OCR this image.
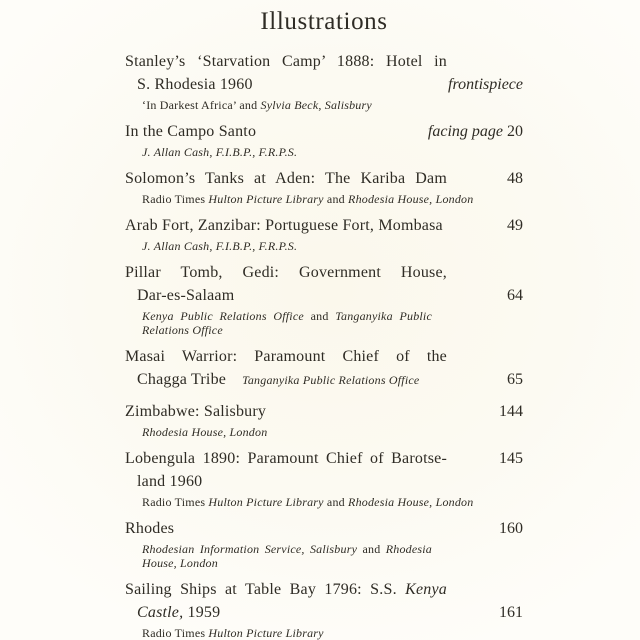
Illustrations
Stanley’s ‘Starvation Camp’ 1888: Hotel in
S. Rhodesia 1960	frontispiece
‘In Darkest Africa’ and Sylvia Beck, Salisbury
In the Campo Santo	facing page 20
J. Allan Cash, F.I.B.P., F.R.P.S.
Solomon’s Tanks at Aden: The Kariba Dam	48
Radio Times Hulton Picture Library and Rhodesia House, London
Arab Fort, Zanzibar: Portuguese Fort, Mombasa	49
J. Allan Cash, F.I.B.P., F.R.P.S.
Pillar Tomb, Gedi: Government House,
Dar-es-Salaam	64
Kenya Public Relations Office and Tanganyika Public
Relations Office
Masai Warrior: Paramount Chief of the
Chagga Tribe Tanganyika Public Relations Office	65
Zimbabwe: Salisbury	144
Rhodesia House, London
Lobengula 1890: Paramount Chief of Barotse-	145
land 1960
Radio Times Hulton Picture Library and Rhodesia House, London
Rhodes	160
Rhodesian Information Service, Salisbury and Rhodesia
House, London
Sailing Ships at Table Bay 1796: S.S. Kenya
Castle, 1959	161
Radio Times Hulton Picture Library
